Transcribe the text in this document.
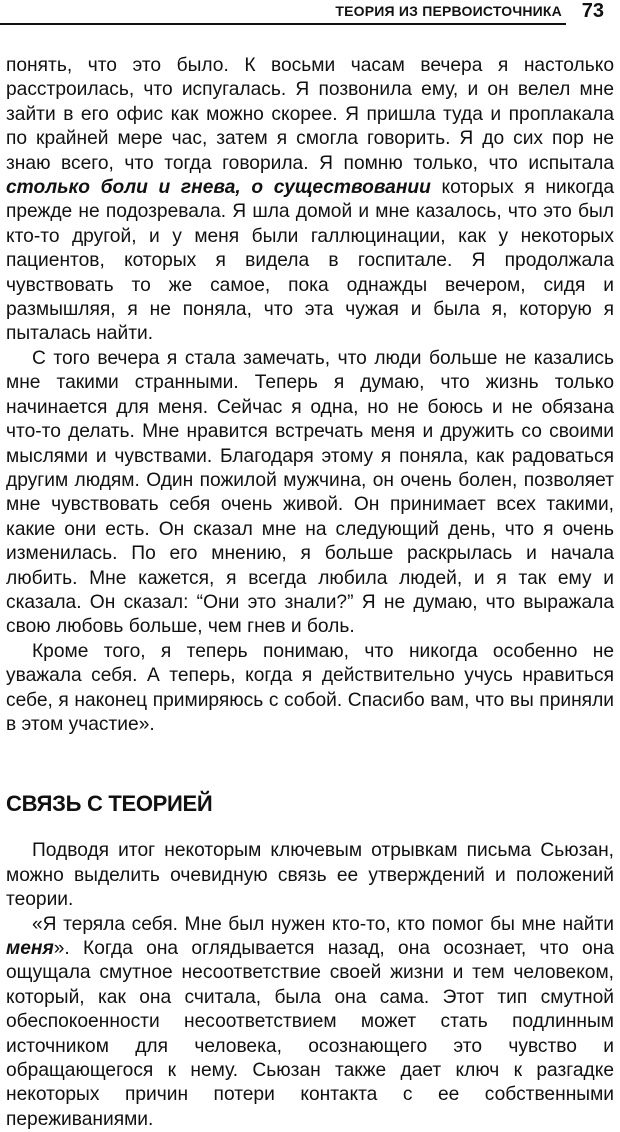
ТЕОРИЯ ИЗ ПЕРВОИСТОЧНИКА 73

понять, что это было. К восьми часам вечера я настолько расстроилась, что испугалась. Я позвонила ему, и он велел мне зайти в его офис как можно скорее. Я пришла туда и проплакала по крайней мере час, затем я смогла говорить. Я до сих пор не знаю всего, что тогда говорила. Я помню только, что испытала столько боли и гнева, о существовании которых я никогда прежде не подозревала. Я шла домой и мне казалось, что это был кто-то другой, и у меня были галлюцинации, как у некоторых пациентов, которых я видела в госпитале. Я продолжала чувствовать то же самое, пока однажды вечером, сидя и размышляя, я не поняла, что эта чужая и была я, которую я пыталась найти.

С того вечера я стала замечать, что люди больше не казались мне такими странными. Теперь я думаю, что жизнь только начинается для меня. Сейчас я одна, но не боюсь и не обязана что-то делать. Мне нравится встречать меня и дружить со своими мыслями и чувствами. Благодаря этому я поняла, как радоваться другим людям. Один пожилой мужчина, он очень болен, позволяет мне чувствовать себя очень живой. Он принимает всех такими, какие они есть. Он сказал мне на следующий день, что я очень изменилась. По его мнению, я больше раскрылась и начала любить. Мне кажется, я всегда любила людей, и я так ему и сказала. Он сказал: “Они это знали?” Я не думаю, что выражала свою любовь больше, чем гнев и боль.

Кроме того, я теперь понимаю, что никогда особенно не уважала себя. А теперь, когда я действительно учусь нравиться себе, я наконец примиряюсь с собой. Спасибо вам, что вы приняли в этом участие».

СВЯЗЬ С ТЕОРИЕЙ

Подводя итог некоторым ключевым отрывкам письма Сьюзан, можно выделить очевидную связь ее утверждений и положений теории.

«Я теряла себя. Мне был нужен кто-то, кто помог бы мне найти меня». Когда она оглядывается назад, она осознает, что она ощущала смутное несоответствие своей жизни и тем человеком, который, как она считала, была она сама. Этот тип смутной обеспокоенности несоответствием может стать подлинным источником для человека, осознающего это чувство и обращающегося к нему. Сьюзан также дает ключ к разгадке некоторых причин потери контакта с ее собственными переживаниями.
